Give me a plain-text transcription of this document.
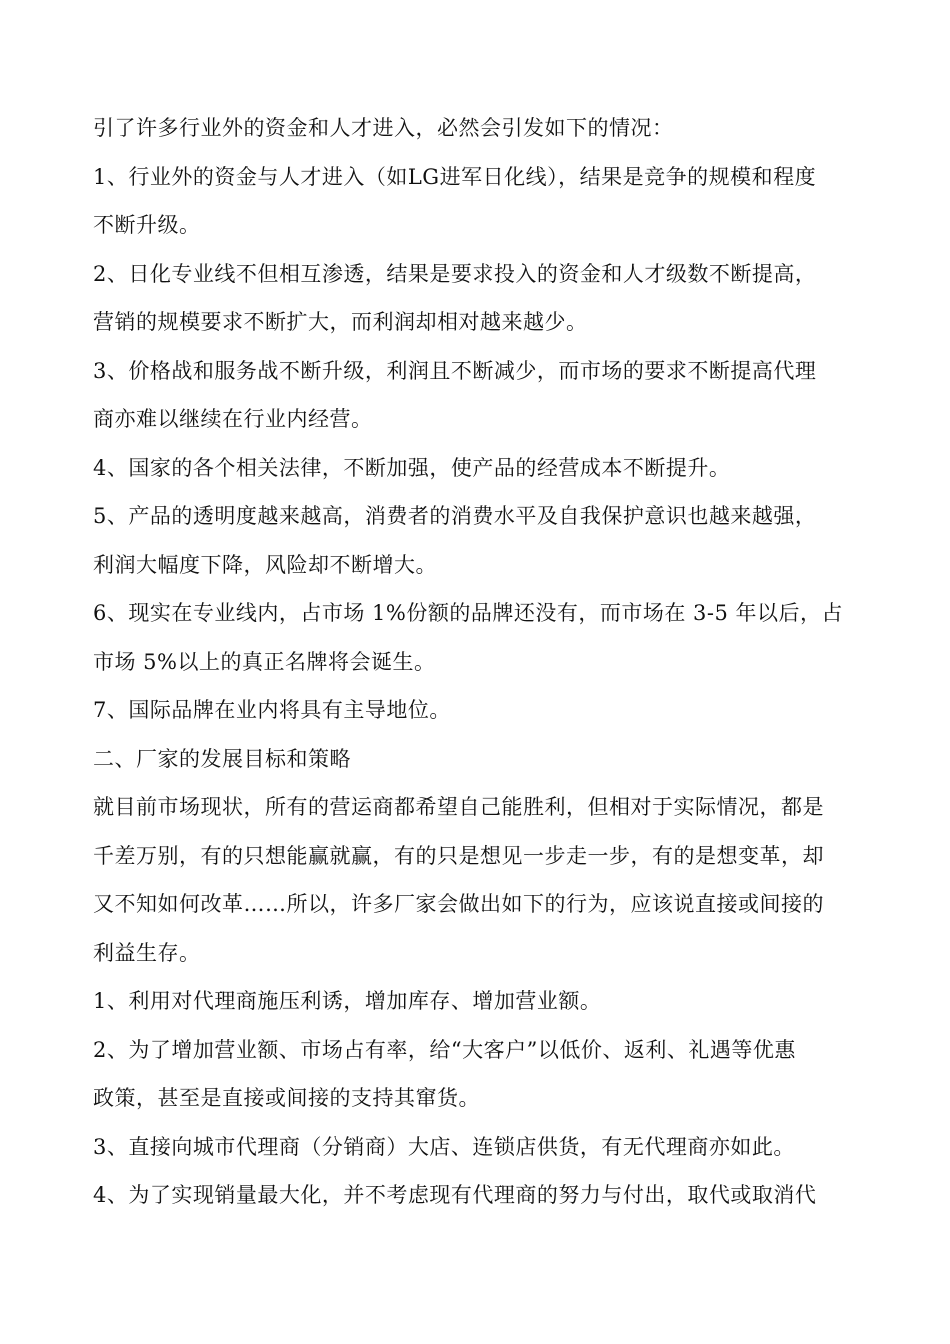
引了许多行业外的资金和人才进入，必然会引发如下的情况：

1、行业外的资金与人才进入（如LG进军日化线），结果是竞争的规模和程度

不断升级。

2、日化专业线不但相互渗透，结果是要求投入的资金和人才级数不断提高，

营销的规模要求不断扩大，而利润却相对越来越少。

3、价格战和服务战不断升级，利润且不断减少，而市场的要求不断提高代理

商亦难以继续在行业内经营。

4、国家的各个相关法律，不断加强，使产品的经营成本不断提升。

5、产品的透明度越来越高，消费者的消费水平及自我保护意识也越来越强，

利润大幅度下降，风险却不断增大。

6、现实在专业线内，占市场 1%份额的品牌还没有，而市场在 3-5 年以后，占

市场 5%以上的真正名牌将会诞生。

7、国际品牌在业内将具有主导地位。

二、厂家的发展目标和策略

就目前市场现状，所有的营运商都希望自己能胜利，但相对于实际情况，都是

千差万别，有的只想能赢就赢，有的只是想见一步走一步，有的是想变革，却

又不知如何改革……所以，许多厂家会做出如下的行为，应该说直接或间接的

利益生存。

1、利用对代理商施压利诱，增加库存、增加营业额。

2、为了增加营业额、市场占有率，给“大客户”以低价、返利、礼遇等优惠

政策，甚至是直接或间接的支持其窜货。

3、直接向城市代理商（分销商）大店、连锁店供货，有无代理商亦如此。

4、为了实现销量最大化，并不考虑现有代理商的努力与付出，取代或取消代
